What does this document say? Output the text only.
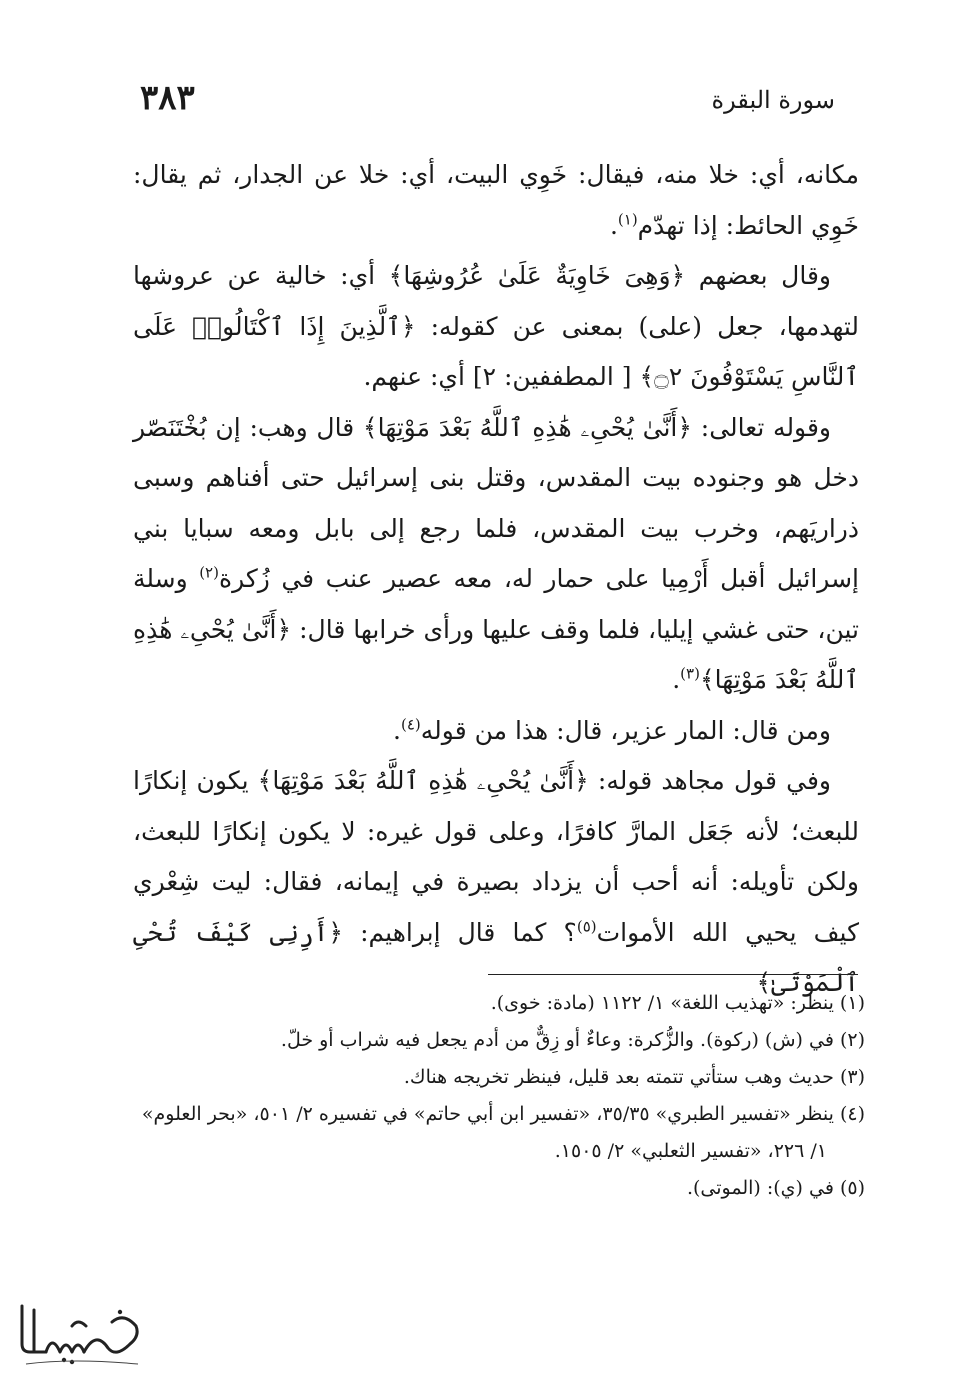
سورة البقرة
٣٨٣

مكانه، أي: خلا منه، فيقال: خَوِي البيت، أي: خلا عن الجدار، ثم يقال: خَوِي الحائط: إذا تهدّم$^{(١)}$.

وقال بعضهم ﴿وَهِىَ خَاوِيَةٌ عَلَىٰ عُرُوشِهَا﴾ أي: خالية عن عروشها لتهدمها، جعل (على) بمعنى عن كقوله: ﴿ٱلَّذِينَ إِذَا ٱكْتَالُوا۟ عَلَى ٱلنَّاسِ يَسْتَوْفُونَ ۝٢﴾ [ المطففين: ٢] أي: عنهم.

وقوله تعالى: ﴿أَنَّىٰ يُحْىِۦ هَٰذِهِ ٱللَّهُ بَعْدَ مَوْتِهَا﴾ قال وهب: إن بُخْتَنَصّر دخل هو وجنوده بيت المقدس، وقتل بنى إسرائيل حتى أفناهم وسبى ذراريَهم، وخرب بيت المقدس، فلما رجع إلى بابل ومعه سبايا بني إسرائيل أقبل أَرْمِيا على حمار له، معه عصير عنب في زُكرة$^{(٢)}$ وسلة تين، حتى غشي إيليا، فلما وقف عليها ورأى خرابها قال: ﴿أَنَّىٰ يُحْىِۦ هَٰذِهِ ٱللَّهُ بَعْدَ مَوْتِهَا﴾$^{(٣)}$.

ومن قال: المار عزير، قال: هذا من قوله$^{(٤)}$.

وفي قول مجاهد قوله: ﴿أَنَّىٰ يُحْىِۦ هَٰذِهِ ٱللَّهُ بَعْدَ مَوْتِهَا﴾ يكون إنكارًا للبعث؛ لأنه جَعَل المارَّ كافرًا، وعلى قول غيره: لا يكون إنكارًا للبعث، ولكن تأويله: أنه أحب أن يزداد بصيرة في إيمانه، فقال: ليت شِعْري كيف يحيي الله الأموات$^{(٥)}$؟ كما قال إبراهيم: ﴿أَرِنِى كَيْفَ تُحْىِ ٱلْمَوْتَىٰ﴾

(١) ينظر: «تهذيب اللغة» ١/ ١١٢٢ (مادة: خوى).

(٢) في (ش) (ركوة). والزُّكرة: وعاءٌ أو زِقٌّ من أدم يجعل فيه شراب أو خلّ.

(٣) حديث وهب ستأتي تتمته بعد قليل، فينظر تخريجه هناك.

(٤) ينظر «تفسير الطبري» ٣٥/٣٥، «تفسير ابن أبي حاتم» في تفسيره ٢/ ٥٠١، «بحر العلوم» ١/ ٢٢٦، «تفسير الثعلبي» ٢/ ١٥٠٥.

(٥) في (ي): (الموتى).
